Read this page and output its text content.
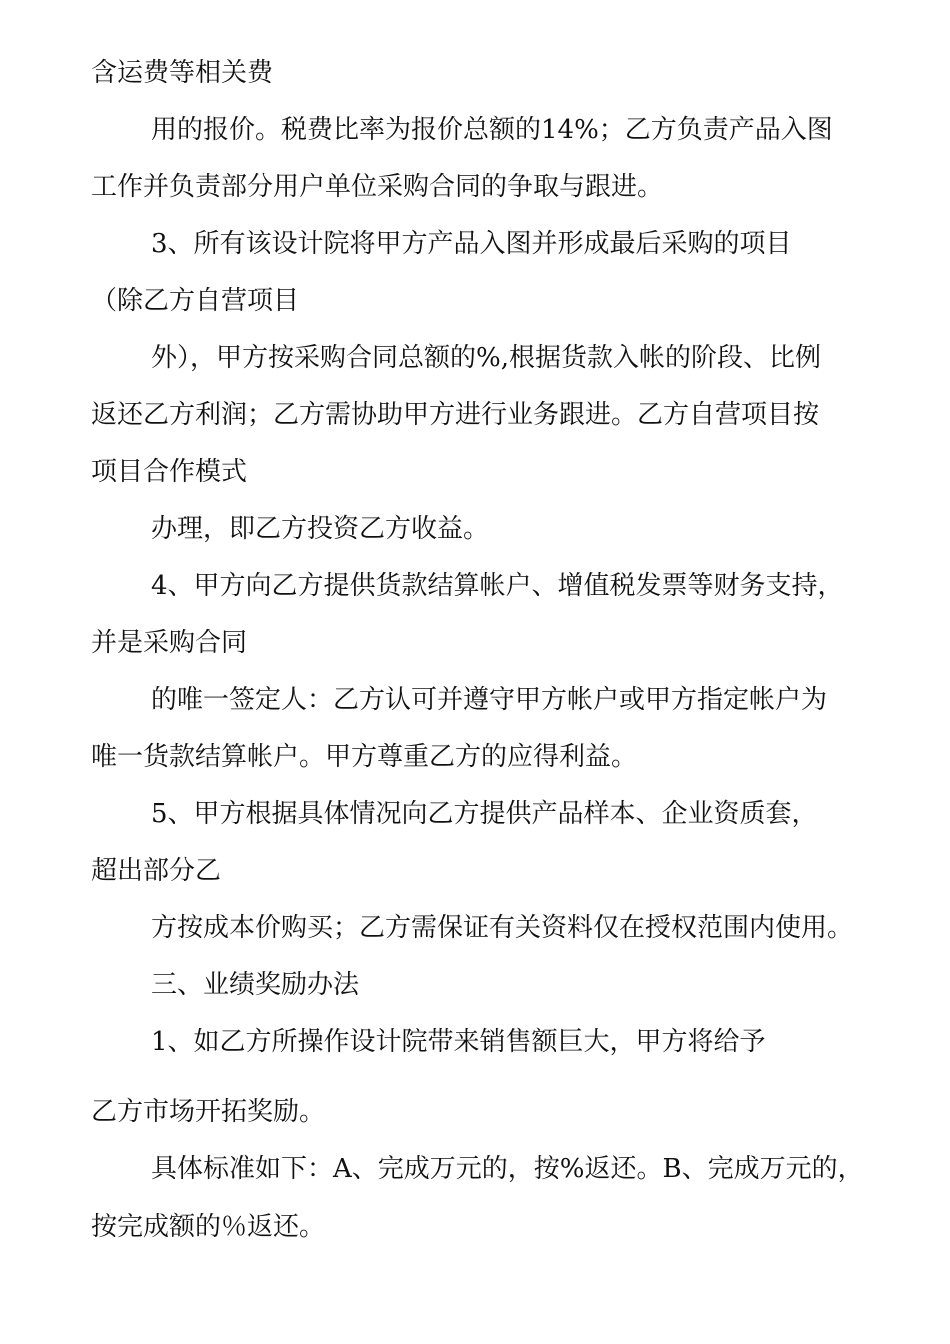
含运费等相关费
用的报价。税费比率为报价总额的14%；乙方负责产品入图
工作并负责部分用户单位采购合同的争取与跟进。
3、所有该设计院将甲方产品入图并形成最后采购的项目
（除乙方自营项目
外），甲方按采购合同总额的%,根据货款入帐的阶段、比例
返还乙方利润；乙方需协助甲方进行业务跟进。乙方自营项目按
项目合作模式
办理，即乙方投资乙方收益。
4、甲方向乙方提供货款结算帐户、增值税发票等财务支持，
并是采购合同
的唯一签定人：乙方认可并遵守甲方帐户或甲方指定帐户为
唯一货款结算帐户。甲方尊重乙方的应得利益。
5、甲方根据具体情况向乙方提供产品样本、企业资质套，
超出部分乙
方按成本价购买；乙方需保证有关资料仅在授权范围内使用。
三、业绩奖励办法
1、如乙方所操作设计院带来销售额巨大，甲方将给予
乙方市场开拓奖励。
具体标准如下：A、完成万元的，按%返还。B、完成万元的，
按完成额的％返还。
